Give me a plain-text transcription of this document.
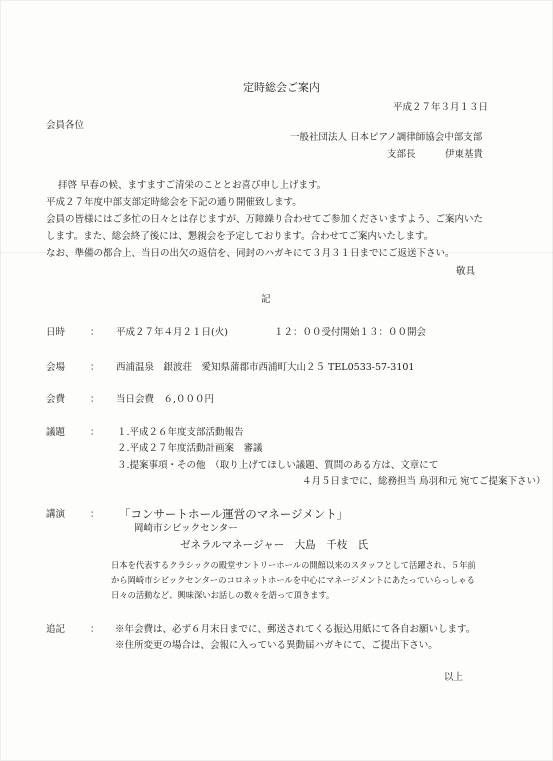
定時総会ご案内
平成２７年３月１３日
会員各位
一般社団法人 日本ピアノ調律師協会中部支部
支部長	伊東基貴
拝啓 早春の候、ますますご清栄のこととお喜び申し上げます。
平成２７年度中部支部定時総会を下記の通り開催致します。
会員の皆様にはご多忙の日々とは存じますが、万障繰り合わせてご参加くださいますよう、ご案内いた
します。また、総会終了後には、懇親会を予定しております。合わせてご案内いたします。
なお、準備の都合上、当日の出欠の返信を、同封のハガキにて３月３１日までにご返送下さい。
敬具
記
日時	： 平成２７年４月２１日(火)	１２：００受付開始１３：００開会
会場	： 西浦温泉　銀波荘　愛知県蒲郡市西浦町大山２５ TEL0533-57-3101
会費	： 当日会費　６,０００円
議題	： １.平成２６年度支部活動報告
２.平成２７年度活動計画案　審議
３.提案事項・その他　（取り上げてほしい議題、質問のある方は、文章にて
４月５日までに、総務担当 鳥羽和元 宛てご提案下さい）
講演	： 「コンサートホール運営のマネージメント」
岡崎市シビックセンター
ゼネラルマネージャー　大島　千枝　氏
日本を代表するクラシックの殿堂サントリーホールの開館以来のスタッフとして活躍され、５年前
から岡崎市シビックセンターのコロネットホールを中心にマネージメントにあたっていらっしゃる
日々の活動など、興味深いお話しの数々を語って頂きます。
追記	： ※年会費は、必ず６月末日までに、郵送されてくる振込用紙にて各自お願いします。
※住所変更の場合は、会報に入っている異動届ハガキにて、ご提出下さい。
以上
